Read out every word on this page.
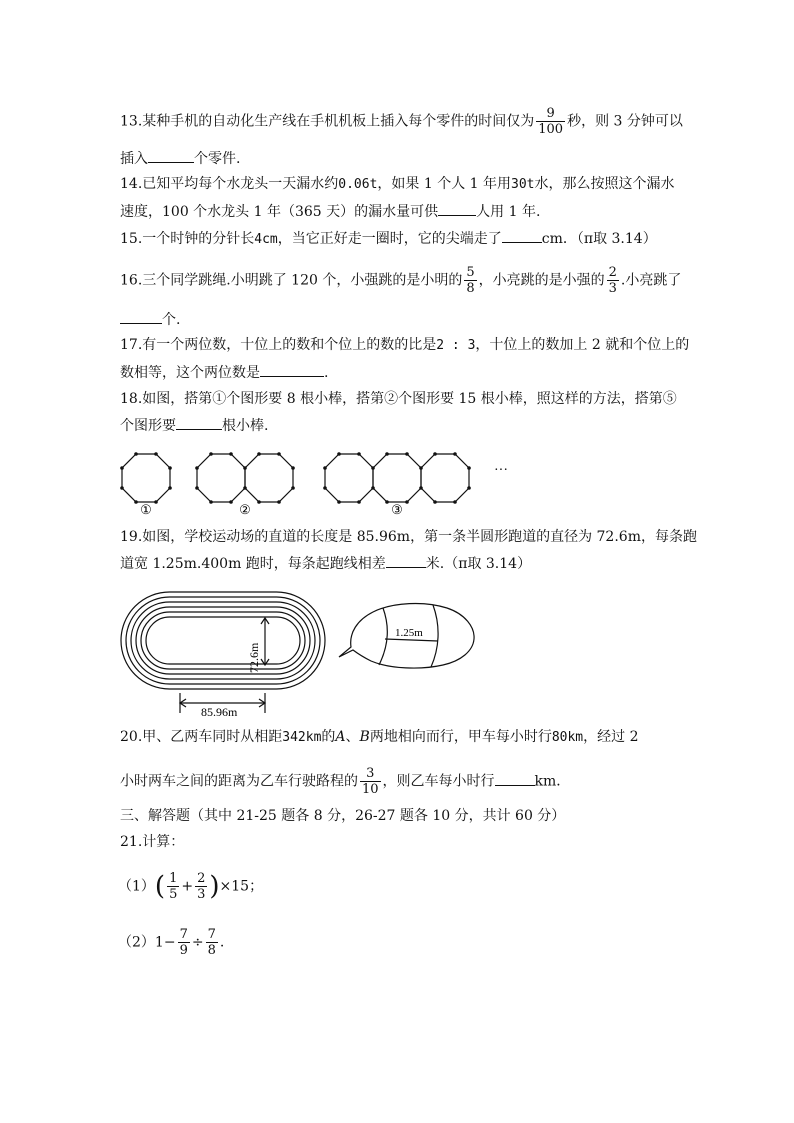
13.某种手机的自动化生产线在手机机板上插入每个零件的时间仅为 $\frac{9}{100}$ 秒，则 3 分钟可以
插入	个零件.
14.已知平均每个水龙头一天漏水约0.06t，如果 1 个人 1 年用30t水，那么按照这个漏水
速度，100 个水龙头 1 年（365 天）的漏水量可供	人用 1 年.
15.一个时钟的分针长4cm，当它正好走一圈时，它的尖端走了	cm．（π取 3.14）
16.三个同学跳绳.小明跳了 120 个，小强跳的是小明的 $\frac{5}{8}$ ，小亮跳的是小强的 $\frac{2}{3}$ .小亮跳了
个.
17.有一个两位数，十位上的数和个位上的数的比是2 : 3，十位上的数加上 2 就和个位上的
数相等，这个两位数是	.
18.如图，搭第①个图形要 8 根小棒，搭第②个图形要 15 根小棒，照这样的方法，搭第⑤
个图形要	根小棒.
①	②	③
···
19.如图，学校运动场的直道的长度是 85.96m，第一条半圆形跑道的直径为 72.6m，每条跑
道宽 1.25m.400m 跑时，每条起跑线相差	米.（π取 3.14）
72.6m
85.96m
1.25m
20.甲、乙两车同时从相距342km的A、B两地相向而行，甲车每小时行80km，经过 2
小时两车之间的距离为乙车行驶路程的 $\frac{3}{10}$ ，则乙车每小时行	km．
三、解答题（其中 21-25 题各 8 分，26-27 题各 10 分，共计 60 分）
21.计算：
$(1)( \frac{1}{5} + \frac{2}{3} )\times 15$；
$(2)1- \frac{7}{9} \div \frac{7}{8}$ .
